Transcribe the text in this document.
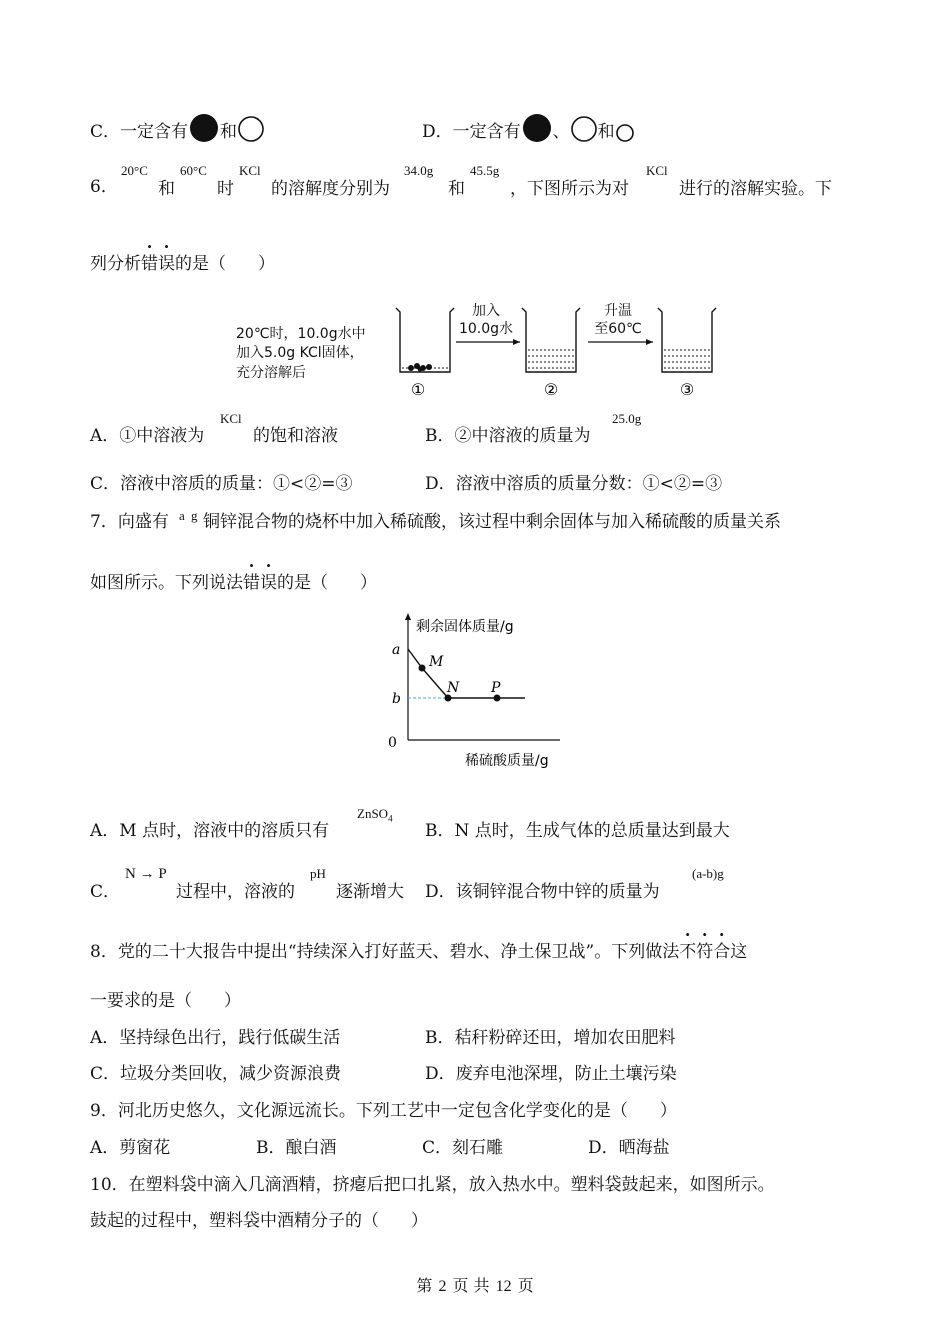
C．一定含有 和	D．一定含有 、 和
6．
20°C
和
60°C
时
KCl
的溶解度分别为
34.0g
和
45.5g
，下图所示为对
KCl
进行的溶解实验。下
列分析错误的是（ ）
20℃时，10.0g水中
加入5.0g KCl固体，
充分溶解后
①
加入
10.0g水
②
升温
至60℃
③
A．①中溶液为
KCl
的饱和溶液	B．②中溶液的质量为
25.0g
C．溶液中溶质的质量：①<②=③	D．溶液中溶质的质量分数：①<②=③
7．向盛有 a g 铜锌混合物的烧杯中加入稀硫酸，该过程中剩余固体与加入稀硫酸的质量关系
如图所示。下列说法错误的是（ ）
剩余固体质量/g
稀硫酸质量/g
0
a
b
M
N P
A．M 点时，溶液中的溶质只有
ZnSO$_4$
B．N 点时，生成气体的总质量达到最大
C．
N → P
过程中，溶液的
pH
逐渐增大 D．该铜锌混合物中锌的质量为
(a-b)g
8．党的二十大报告中提出“持续深入打好蓝天、碧水、净土保卫战”。下列做法不符合这
一要求的是（ ）
A．坚持绿色出行，践行低碳生活	B．秸秆粉碎还田，增加农田肥料
C．垃圾分类回收，减少资源浪费	D．废弃电池深埋，防止土壤污染
9．河北历史悠久，文化源远流长。下列工艺中一定包含化学变化的是（ ）
A．剪窗花	B．酿白酒	C．刻石雕	D．晒海盐
10．在塑料袋中滴入几滴酒精，挤瘪后把口扎紧，放入热水中。塑料袋鼓起来，如图所示。
鼓起的过程中，塑料袋中酒精分子的（ ）
第 2 页 共 12 页
